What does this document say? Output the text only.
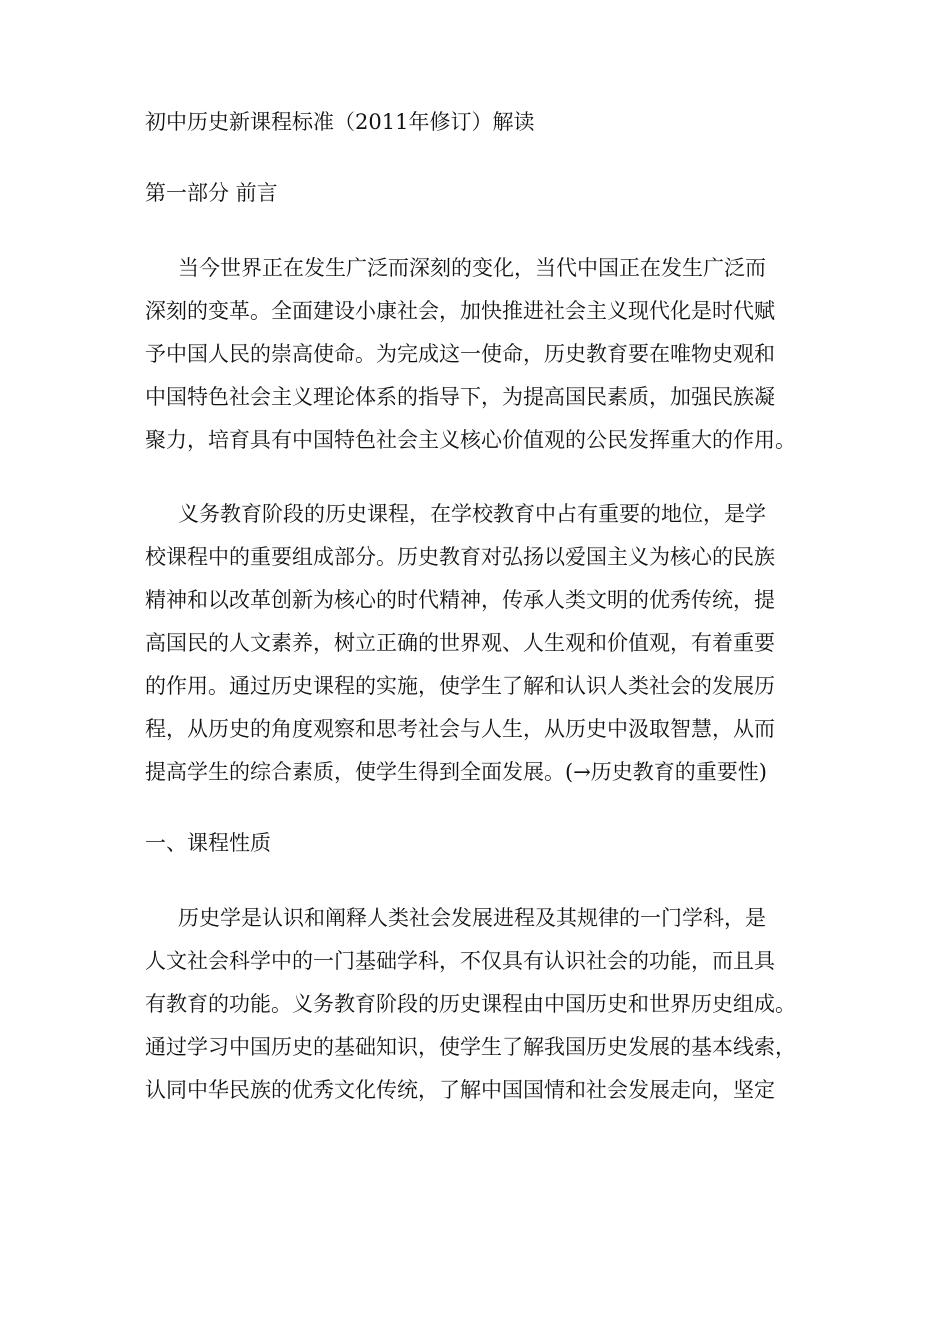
初中历史新课程标准（2011年修订）解读
第一部分 前言
当今世界正在发生广泛而深刻的变化，当代中国正在发生广泛而
深刻的变革。全面建设小康社会，加快推进社会主义现代化是时代赋
予中国人民的崇高使命。为完成这一使命，历史教育要在唯物史观和
中国特色社会主义理论体系的指导下，为提高国民素质，加强民族凝
聚力，培育具有中国特色社会主义核心价值观的公民发挥重大的作用。
义务教育阶段的历史课程，在学校教育中占有重要的地位，是学
校课程中的重要组成部分。历史教育对弘扬以爱国主义为核心的民族
精神和以改革创新为核心的时代精神，传承人类文明的优秀传统，提
高国民的人文素养，树立正确的世界观、人生观和价值观，有着重要
的作用。通过历史课程的实施，使学生了解和认识人类社会的发展历
程，从历史的角度观察和思考社会与人生，从历史中汲取智慧，从而
提高学生的综合素质，使学生得到全面发展。(→历史教育的重要性)
一、课程性质
历史学是认识和阐释人类社会发展进程及其规律的一门学科，是
人文社会科学中的一门基础学科，不仅具有认识社会的功能，而且具
有教育的功能。义务教育阶段的历史课程由中国历史和世界历史组成。
通过学习中国历史的基础知识，使学生了解我国历史发展的基本线索，
认同中华民族的优秀文化传统，了解中国国情和社会发展走向，坚定
